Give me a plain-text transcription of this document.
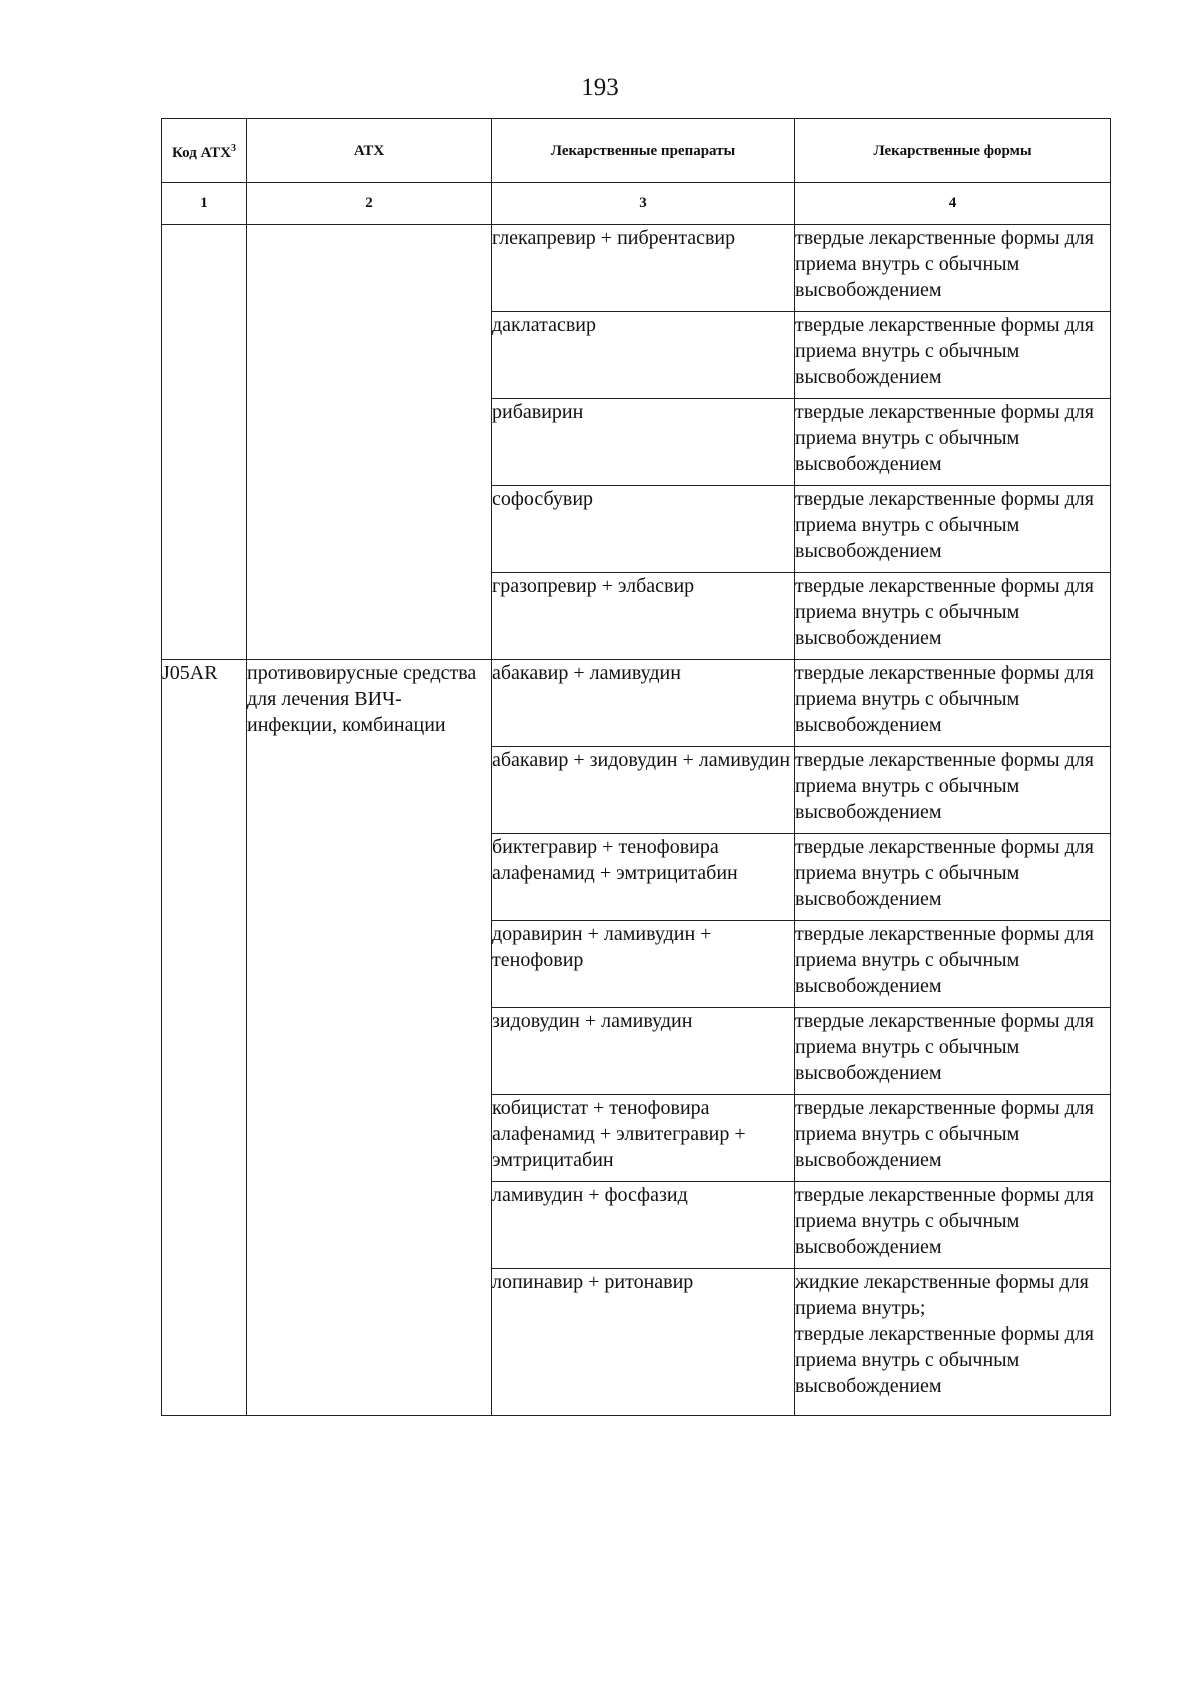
193
Код АТХ$^3$	АТХ	Лекарственные препараты	Лекарственные формы
1	2	3	4
		глекапревир + пибрентасвир	твердые лекарственные формы для приема внутрь с обычным высвобождением
		даклатасвир	твердые лекарственные формы для приема внутрь с обычным высвобождением
		рибавирин	твердые лекарственные формы для приема внутрь с обычным высвобождением
		софосбувир	твердые лекарственные формы для приема внутрь с обычным высвобождением
		гразопревир + элбасвир	твердые лекарственные формы для приема внутрь с обычным высвобождением
J05AR	противовирусные средства для лечения ВИЧ-инфекции, комбинации	абакавир + ламивудин	твердые лекарственные формы для приема внутрь с обычным высвобождением
		абакавир + зидовудин + ламивудин	твердые лекарственные формы для приема внутрь с обычным высвобождением
		биктегравир + тенофовира алафенамид + эмтрицитабин	твердые лекарственные формы для приема внутрь с обычным высвобождением
		доравирин + ламивудин + тенофовир	твердые лекарственные формы для приема внутрь с обычным высвобождением
		зидовудин + ламивудин	твердые лекарственные формы для приема внутрь с обычным высвобождением
		кобицистат + тенофовира алафенамид + элвитегравир + эмтрицитабин	твердые лекарственные формы для приема внутрь с обычным высвобождением
		ламивудин + фосфазид	твердые лекарственные формы для приема внутрь с обычным высвобождением
		лопинавир + ритонавир	жидкие лекарственные формы для приема внутрь;
твердые лекарственные формы для приема внутрь с обычным высвобождением
